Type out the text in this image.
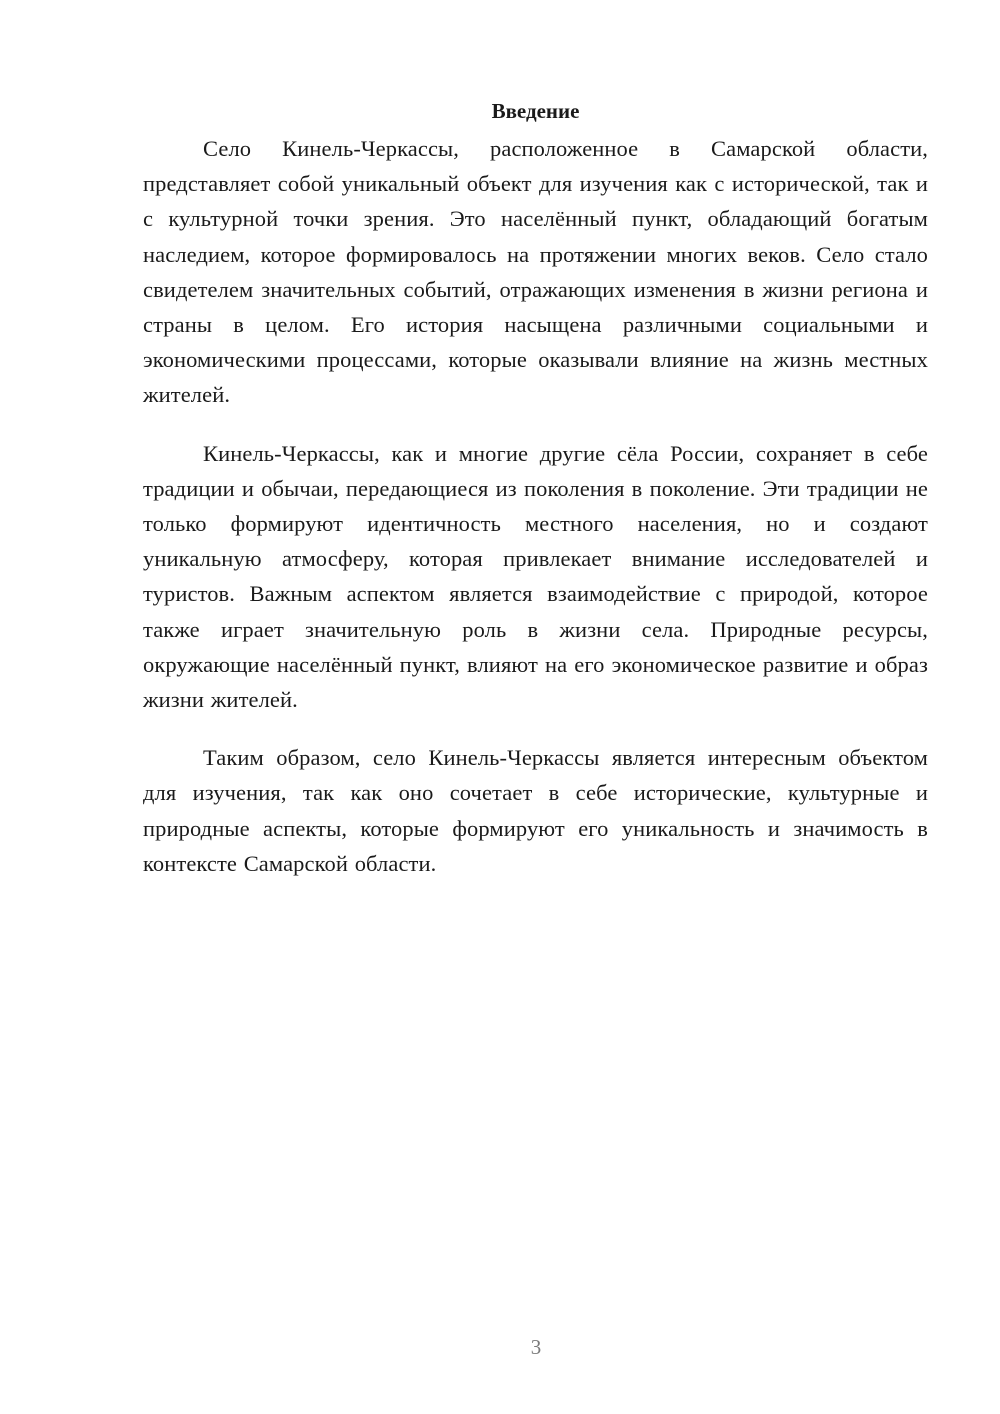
Введение

Село Кинель-Черкассы, расположенное в Самарской области, представляет собой уникальный объект для изучения как с исторической, так и с культурной точки зрения. Это населённый пункт, обладающий богатым наследием, которое формировалось на протяжении многих веков. Село стало свидетелем значительных событий, отражающих изменения в жизни региона и страны в целом. Его история насыщена различными социальными и экономическими процессами, которые оказывали влияние на жизнь местных жителей.

Кинель-Черкассы, как и многие другие сёла России, сохраняет в себе традиции и обычаи, передающиеся из поколения в поколение. Эти традиции не только формируют идентичность местного населения, но и создают уникальную атмосферу, которая привлекает внимание исследователей и туристов. Важным аспектом является взаимодействие с природой, которое также играет значительную роль в жизни села. Природные ресурсы, окружающие населённый пункт, влияют на его экономическое развитие и образ жизни жителей.

Таким образом, село Кинель-Черкассы является интересным объектом для изучения, так как оно сочетает в себе исторические, культурные и природные аспекты, которые формируют его уникальность и значимость в контексте Самарской области.

3
